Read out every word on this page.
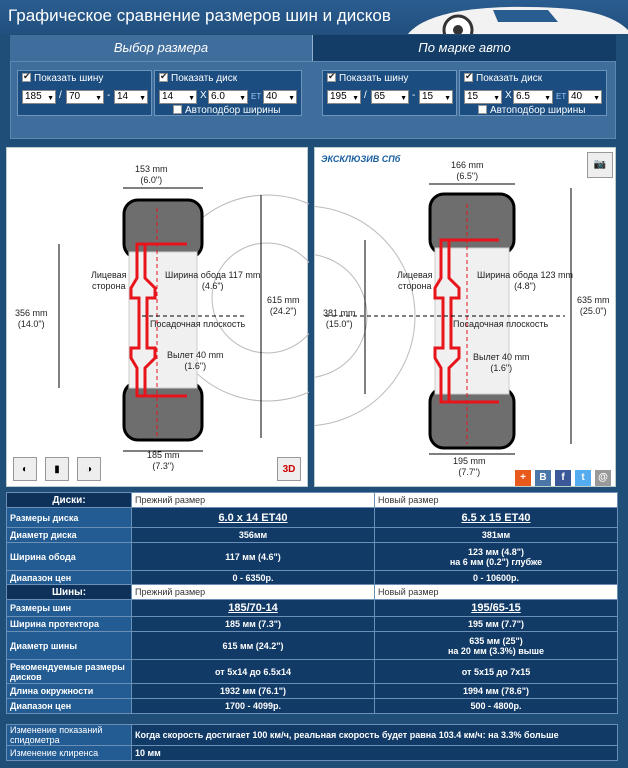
Графическое сравнение размеров шин и дисков
Выбор размера	По марке авто
✔Показать шину
185 ▼	/ 70 ▼	- 14 ▼
✔Показать диск
14 ▼	X 6.0 ▼	ET 40 ▼
Автоподбор ширины
✔Показать шину
195 ▼	/ 65 ▼	- 15 ▼
✔Показать диск
15 ▼	X 6.5 ▼	ET 40 ▼
Автоподбор ширины
153 mm
(6.0")
Лицевая
сторона
Ширина обода 117 mm
(4.6")
356 mm
(14.0")
615 mm
(24.2")
Посадочная плоскость
Вылет 40 mm
(1.6")
185 mm
(7.3")
◐	▮	◑	3D
ЭКСКЛЮЗИВ СПб	📷
166 mm
(6.5")
Лицевая
сторона
Ширина обода 123 mm
(4.8")
381 mm
(15.0")
635 mm
(25.0")
Посадочная плоскость
Вылет 40 mm
(1.6")
195 mm
(7.7")	+	В	f	t	@
Диски:	Прежний размер	Новый размер
Размеры диска	6.0 x 14 ET40	6.5 x 15 ET40
Диаметр диска	356мм	381мм
Ширина обода	117 мм (4.6")	123 мм (4.8")
на 6 мм (0.2") глубже

Диапазон цен	0 - 6350р.	0 - 10600р.
Шины:	Прежний размер	Новый размер
Размеры шин	185/70-14	195/65-15
Ширина протектора	185 мм (7.3")	195 мм (7.7")
Диаметр шины	615 мм (24.2")	635 мм (25")
на 20 мм (3.3%) выше

Рекомендуемые размеры дисков	от 5x14 до 6.5x14	от 5x15 до 7x15
Длина окружности	1932 мм (76.1")	1994 мм (78.6")
Диапазон цен	1700 - 4099р.	500 - 4800р.
Изменение показаний спидометра	Когда скорость достигает 100 км/ч, реальная скорость будет равна 103.4 км/ч: на 3.3% больше
Изменение клиренса	10 мм
